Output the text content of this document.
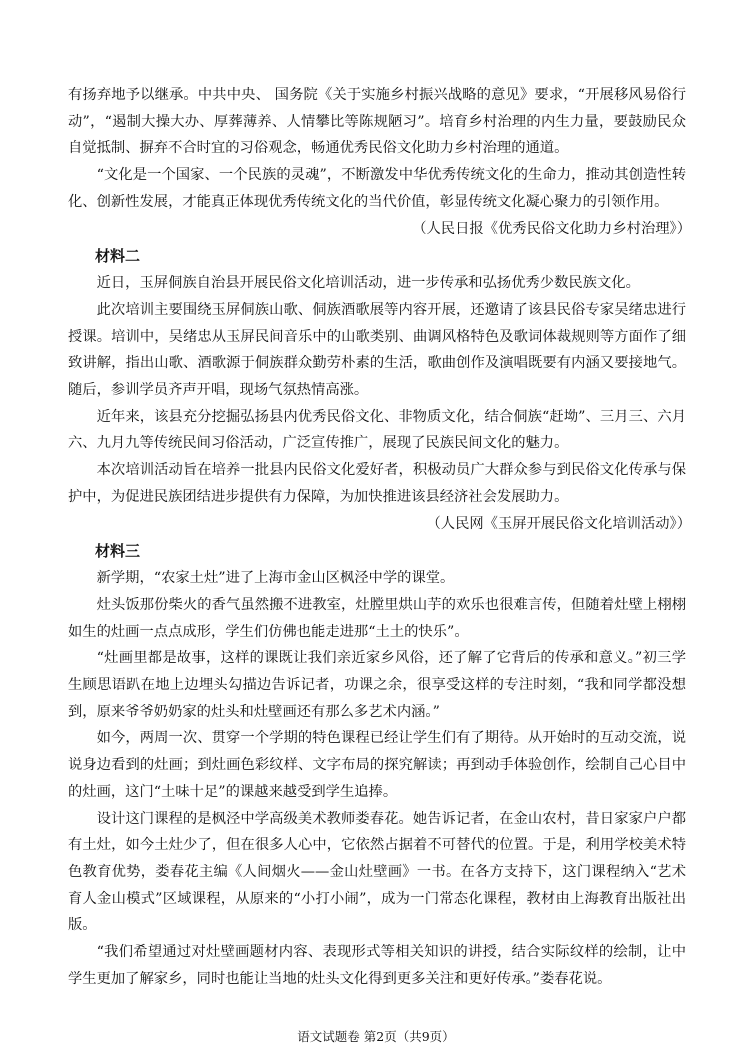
有扬弃地予以继承。中共中央、 国务院《关于实施乡村振兴战略的意见》要求，“开展移风易俗行动”，“遏制大操大办、厚葬薄养、人情攀比等陈规陋习”。培育乡村治理的内生力量，要鼓励民众自觉抵制、摒弃不合时宜的习俗观念，畅通优秀民俗文化助力乡村治理的通道。

“文化是一个国家、一个民族的灵魂”，不断激发中华优秀传统文化的生命力，推动其创造性转化、创新性发展，才能真正体现优秀传统文化的当代价值，彰显传统文化凝心聚力的引领作用。

（人民日报《优秀民俗文化助力乡村治理》）

材料二

近日，玉屏侗族自治县开展民俗文化培训活动，进一步传承和弘扬优秀少数民族文化。

此次培训主要围绕玉屏侗族山歌、侗族酒歌展等内容开展，还邀请了该县民俗专家吴绪忠进行授课。培训中，吴绪忠从玉屏民间音乐中的山歌类别、曲调风格特色及歌词体裁规则等方面作了细致讲解，指出山歌、酒歌源于侗族群众勤劳朴素的生活，歌曲创作及演唱既要有内涵又要接地气。随后，参训学员齐声开唱，现场气氛热情高涨。

近年来，该县充分挖掘弘扬县内优秀民俗文化、非物质文化，结合侗族“赶坳”、三月三、六月六、九月九等传统民间习俗活动，广泛宣传推广，展现了民族民间文化的魅力。

本次培训活动旨在培养一批县内民俗文化爱好者，积极动员广大群众参与到民俗文化传承与保护中，为促进民族团结进步提供有力保障，为加快推进该县经济社会发展助力。

（人民网《玉屏开展民俗文化培训活动》）

材料三

新学期，“农家土灶”进了上海市金山区枫泾中学的课堂。

灶头饭那份柴火的香气虽然搬不进教室，灶膛里烘山芋的欢乐也很难言传，但随着灶壁上栩栩如生的灶画一点点成形，学生们仿佛也能走进那“土土的快乐”。

“灶画里都是故事，这样的课既让我们亲近家乡风俗，还了解了它背后的传承和意义。”初三学生顾思语趴在地上边埋头勾描边告诉记者，功课之余，很享受这样的专注时刻，“我和同学都没想到，原来爷爷奶奶家的灶头和灶壁画还有那么多艺术内涵。”

如今，两周一次、贯穿一个学期的特色课程已经让学生们有了期待。从开始时的互动交流，说说身边看到的灶画；到灶画色彩纹样、文字布局的探究解读；再到动手体验创作，绘制自己心目中的灶画，这门“土味十足”的课越来越受到学生追捧。

设计这门课程的是枫泾中学高级美术教师娄春花。她告诉记者，在金山农村，昔日家家户户都有土灶，如今土灶少了，但在很多人心中，它依然占据着不可替代的位置。于是，利用学校美术特色教育优势，娄春花主编《人间烟火——金山灶壁画》一书。在各方支持下，这门课程纳入“艺术育人金山模式”区域课程，从原来的“小打小闹”，成为一门常态化课程，教材由上海教育出版社出版。

“我们希望通过对灶壁画题材内容、表现形式等相关知识的讲授，结合实际纹样的绘制，让中学生更加了解家乡，同时也能让当地的灶头文化得到更多关注和更好传承。”娄春花说。

语文试题卷 第2页（共9页）
